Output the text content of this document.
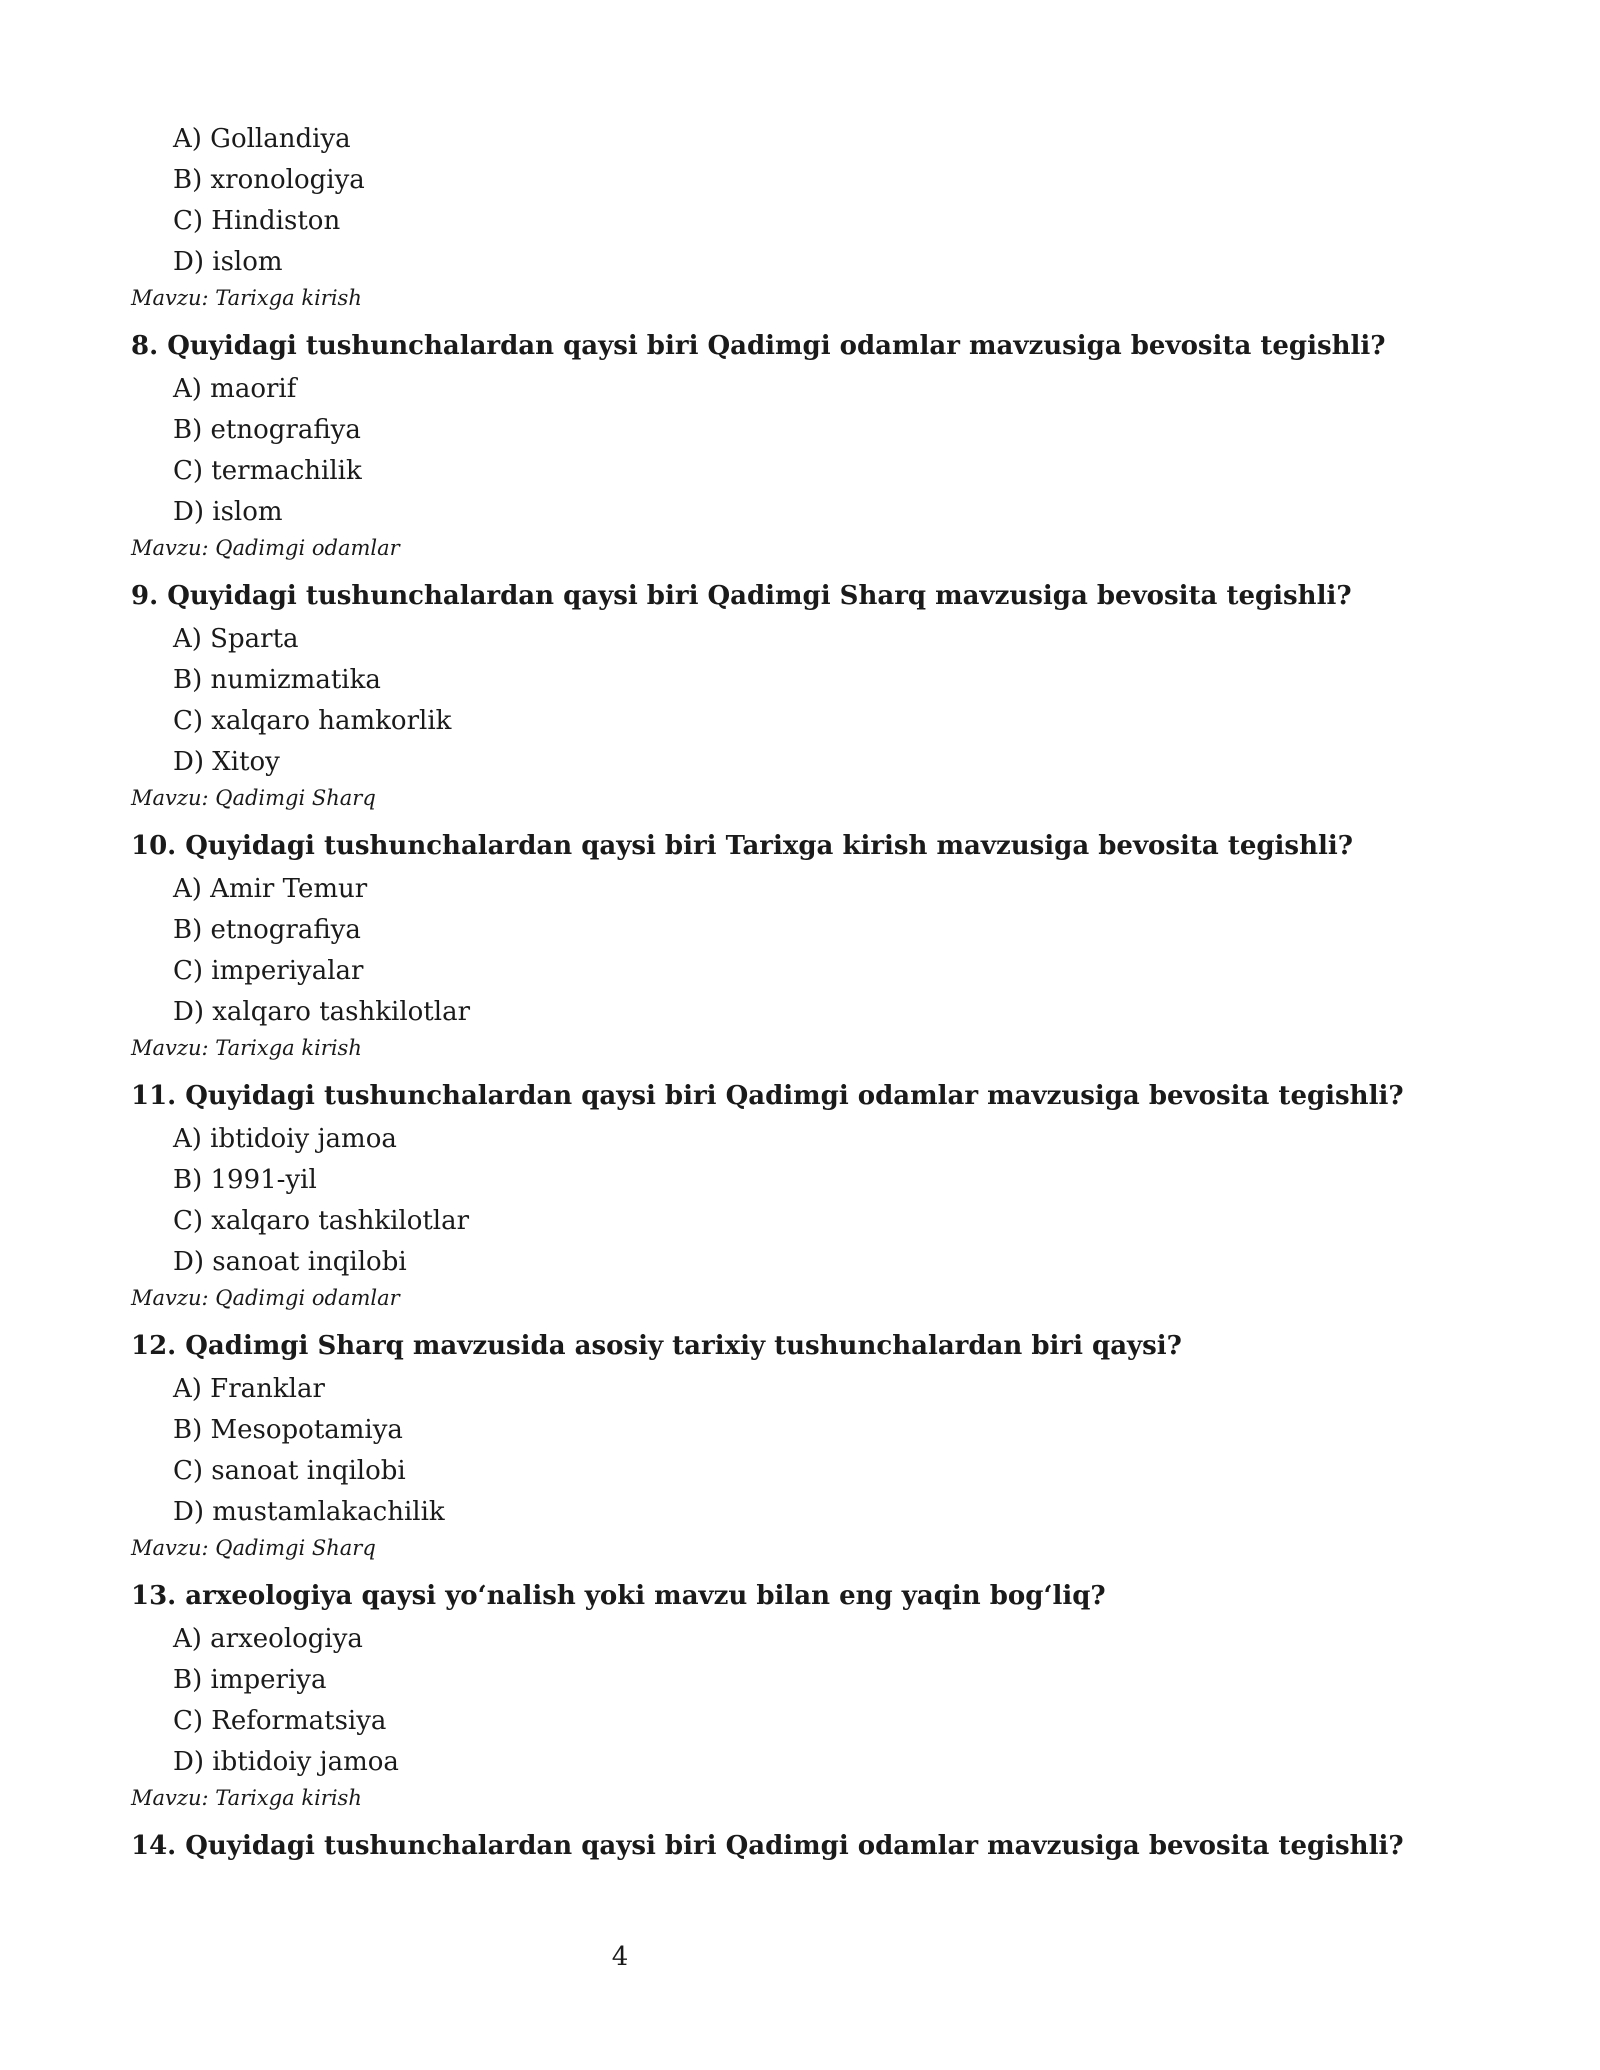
A) Gollandiya
B) xronologiya
C) Hindiston
D) islom
Mavzu: Tarixga kirish
8. Quyidagi tushunchalardan qaysi biri Qadimgi odamlar mavzusiga bevosita tegishli?
A) maorif
B) etnografiya
C) termachilik
D) islom
Mavzu: Qadimgi odamlar
9. Quyidagi tushunchalardan qaysi biri Qadimgi Sharq mavzusiga bevosita tegishli?
A) Sparta
B) numizmatika
C) xalqaro hamkorlik
D) Xitoy
Mavzu: Qadimgi Sharq
10. Quyidagi tushunchalardan qaysi biri Tarixga kirish mavzusiga bevosita tegishli?
A) Amir Temur
B) etnografiya
C) imperiyalar
D) xalqaro tashkilotlar
Mavzu: Tarixga kirish
11. Quyidagi tushunchalardan qaysi biri Qadimgi odamlar mavzusiga bevosita tegishli?
A) ibtidoiy jamoa
B) 1991-yil
C) xalqaro tashkilotlar
D) sanoat inqilobi
Mavzu: Qadimgi odamlar
12. Qadimgi Sharq mavzusida asosiy tarixiy tushunchalardan biri qaysi?
A) Franklar
B) Mesopotamiya
C) sanoat inqilobi
D) mustamlakachilik
Mavzu: Qadimgi Sharq
13. arxeologiya qaysi yo‘nalish yoki mavzu bilan eng yaqin bog‘liq?
A) arxeologiya
B) imperiya
C) Reformatsiya
D) ibtidoiy jamoa
Mavzu: Tarixga kirish
14. Quyidagi tushunchalardan qaysi biri Qadimgi odamlar mavzusiga bevosita tegishli?
4
